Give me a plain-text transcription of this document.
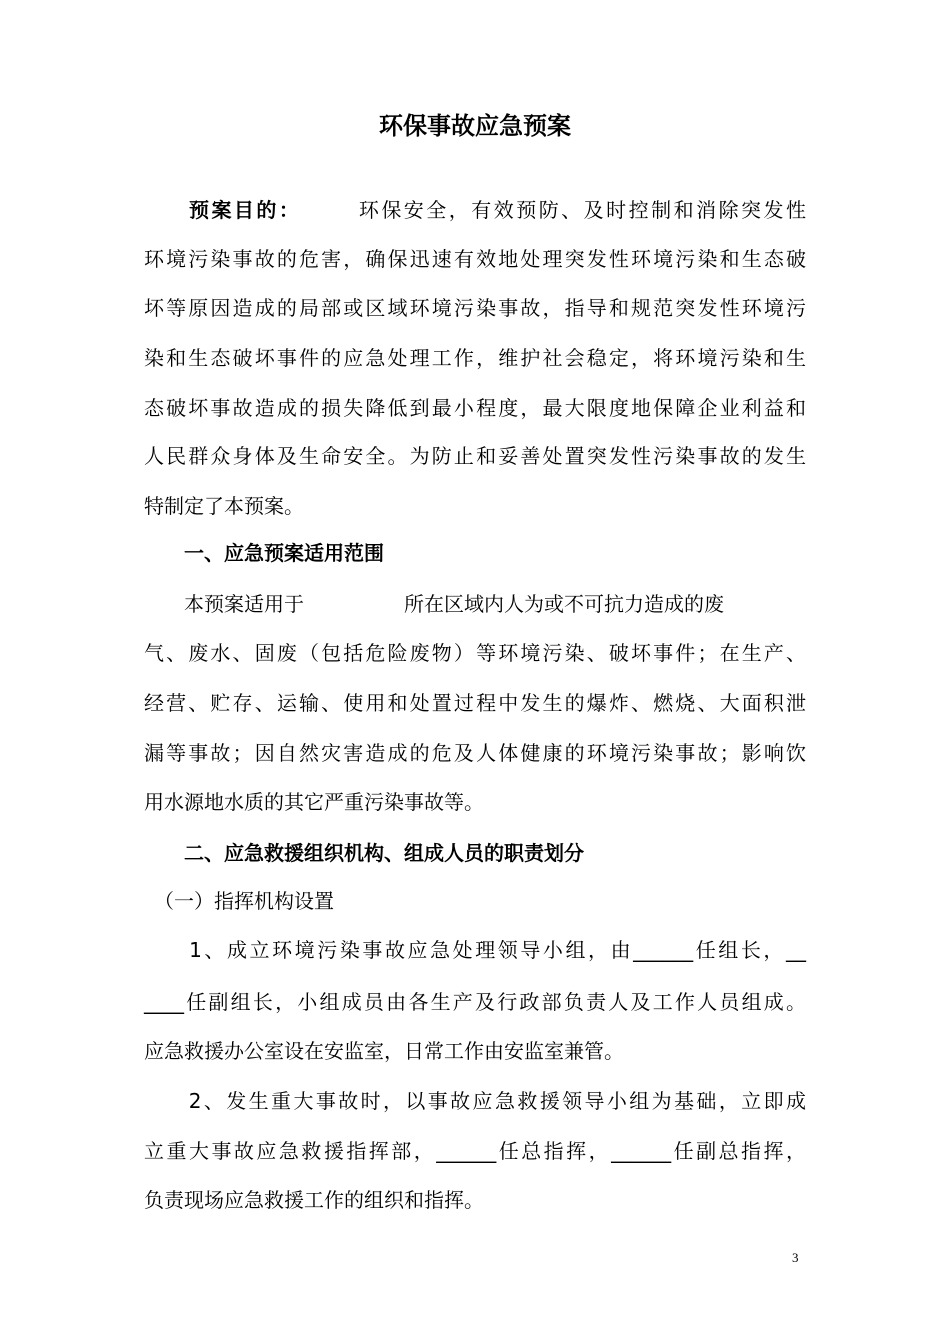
环保事故应急预案
　　预案目的：　　　环保安全，有效预防、及时控制和消除突发性
环境污染事故的危害，确保迅速有效地处理突发性环境污染和生态破
坏等原因造成的局部或区域环境污染事故，指导和规范突发性环境污
染和生态破坏事件的应急处理工作，维护社会稳定，将环境污染和生
态破坏事故造成的损失降低到最小程度，最大限度地保障企业利益和
人民群众身体及生命安全。为防止和妥善处置突发性污染事故的发生
特制定了本预案。
　　一、应急预案适用范围
　　本预案适用于　　　　　所在区域内人为或不可抗力造成的废
气、废水、固废（包括危险废物）等环境污染、破坏事件；在生产、
经营、贮存、运输、使用和处置过程中发生的爆炸、燃烧、大面积泄
漏等事故；因自然灾害造成的危及人体健康的环境污染事故；影响饮
用水源地水质的其它严重污染事故等。
　　二、应急救援组织机构、组成人员的职责划分
　（一）指挥机构设置
　　1、成立环境污染事故应急处理领导小组，由______任组长，__
____任副组长，小组成员由各生产及行政部负责人及工作人员组成。
应急救援办公室设在安监室，日常工作由安监室兼管。
　　2、发生重大事故时，以事故应急救援领导小组为基础，立即成
立重大事故应急救援指挥部，______任总指挥，______任副总指挥，
负责现场应急救援工作的组织和指挥。
3
